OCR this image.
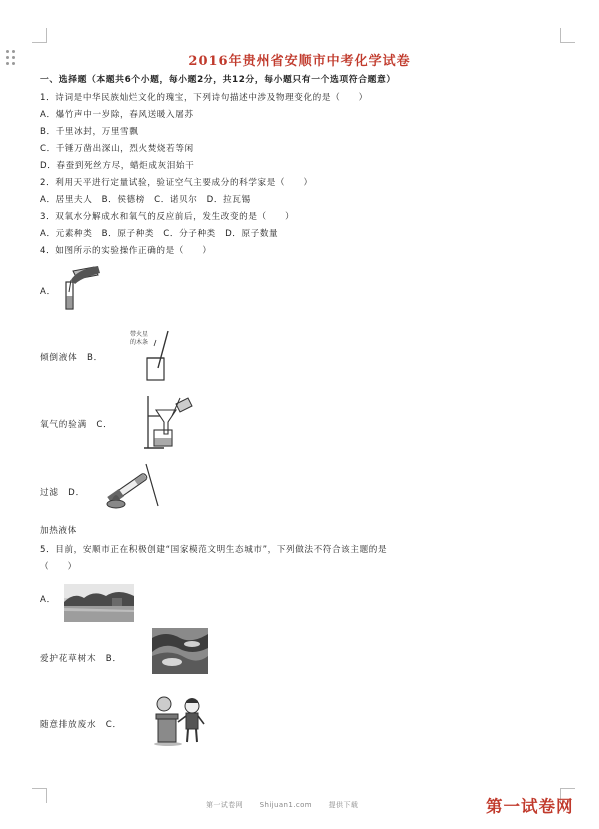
2016年贵州省安顺市中考化学试卷
一、选择题（本题共6个小题，每小题2分，共12分，每小题只有一个选项符合题意）
1．诗词是中华民族灿烂文化的瑰宝，下列诗句描述中涉及物理变化的是（　　）
A．爆竹声中一岁除，春风送暖入屠苏
B．千里冰封，万里雪飘
C．千锤万凿出深山，烈火焚烧若等闲
D．春蚕到死丝方尽，蜡炬成灰泪始干
2．利用天平进行定量试验，验证空气主要成分的科学家是（　　）
A．居里夫人　B．侯德榜　C．诺贝尔　D．拉瓦锡
3．双氧水分解成水和氧气的反应前后，发生改变的是（　　）
A．元素种类　B．原子种类　C．分子种类　D．原子数量
4．如图所示的实验操作正确的是（　　）
A．
带火星
的木条
倾倒液体　B．
氧气的验满　C．
过滤　D．
加热液体
5．目前，安顺市正在积极创建“国家模范文明生态城市”，下列做法不符合该主题的是
（　　）
A．
爱护花草树木　B．
随意排放废水　C．
第一试卷网 Shijuan1.com 提供下载	第一试卷网
